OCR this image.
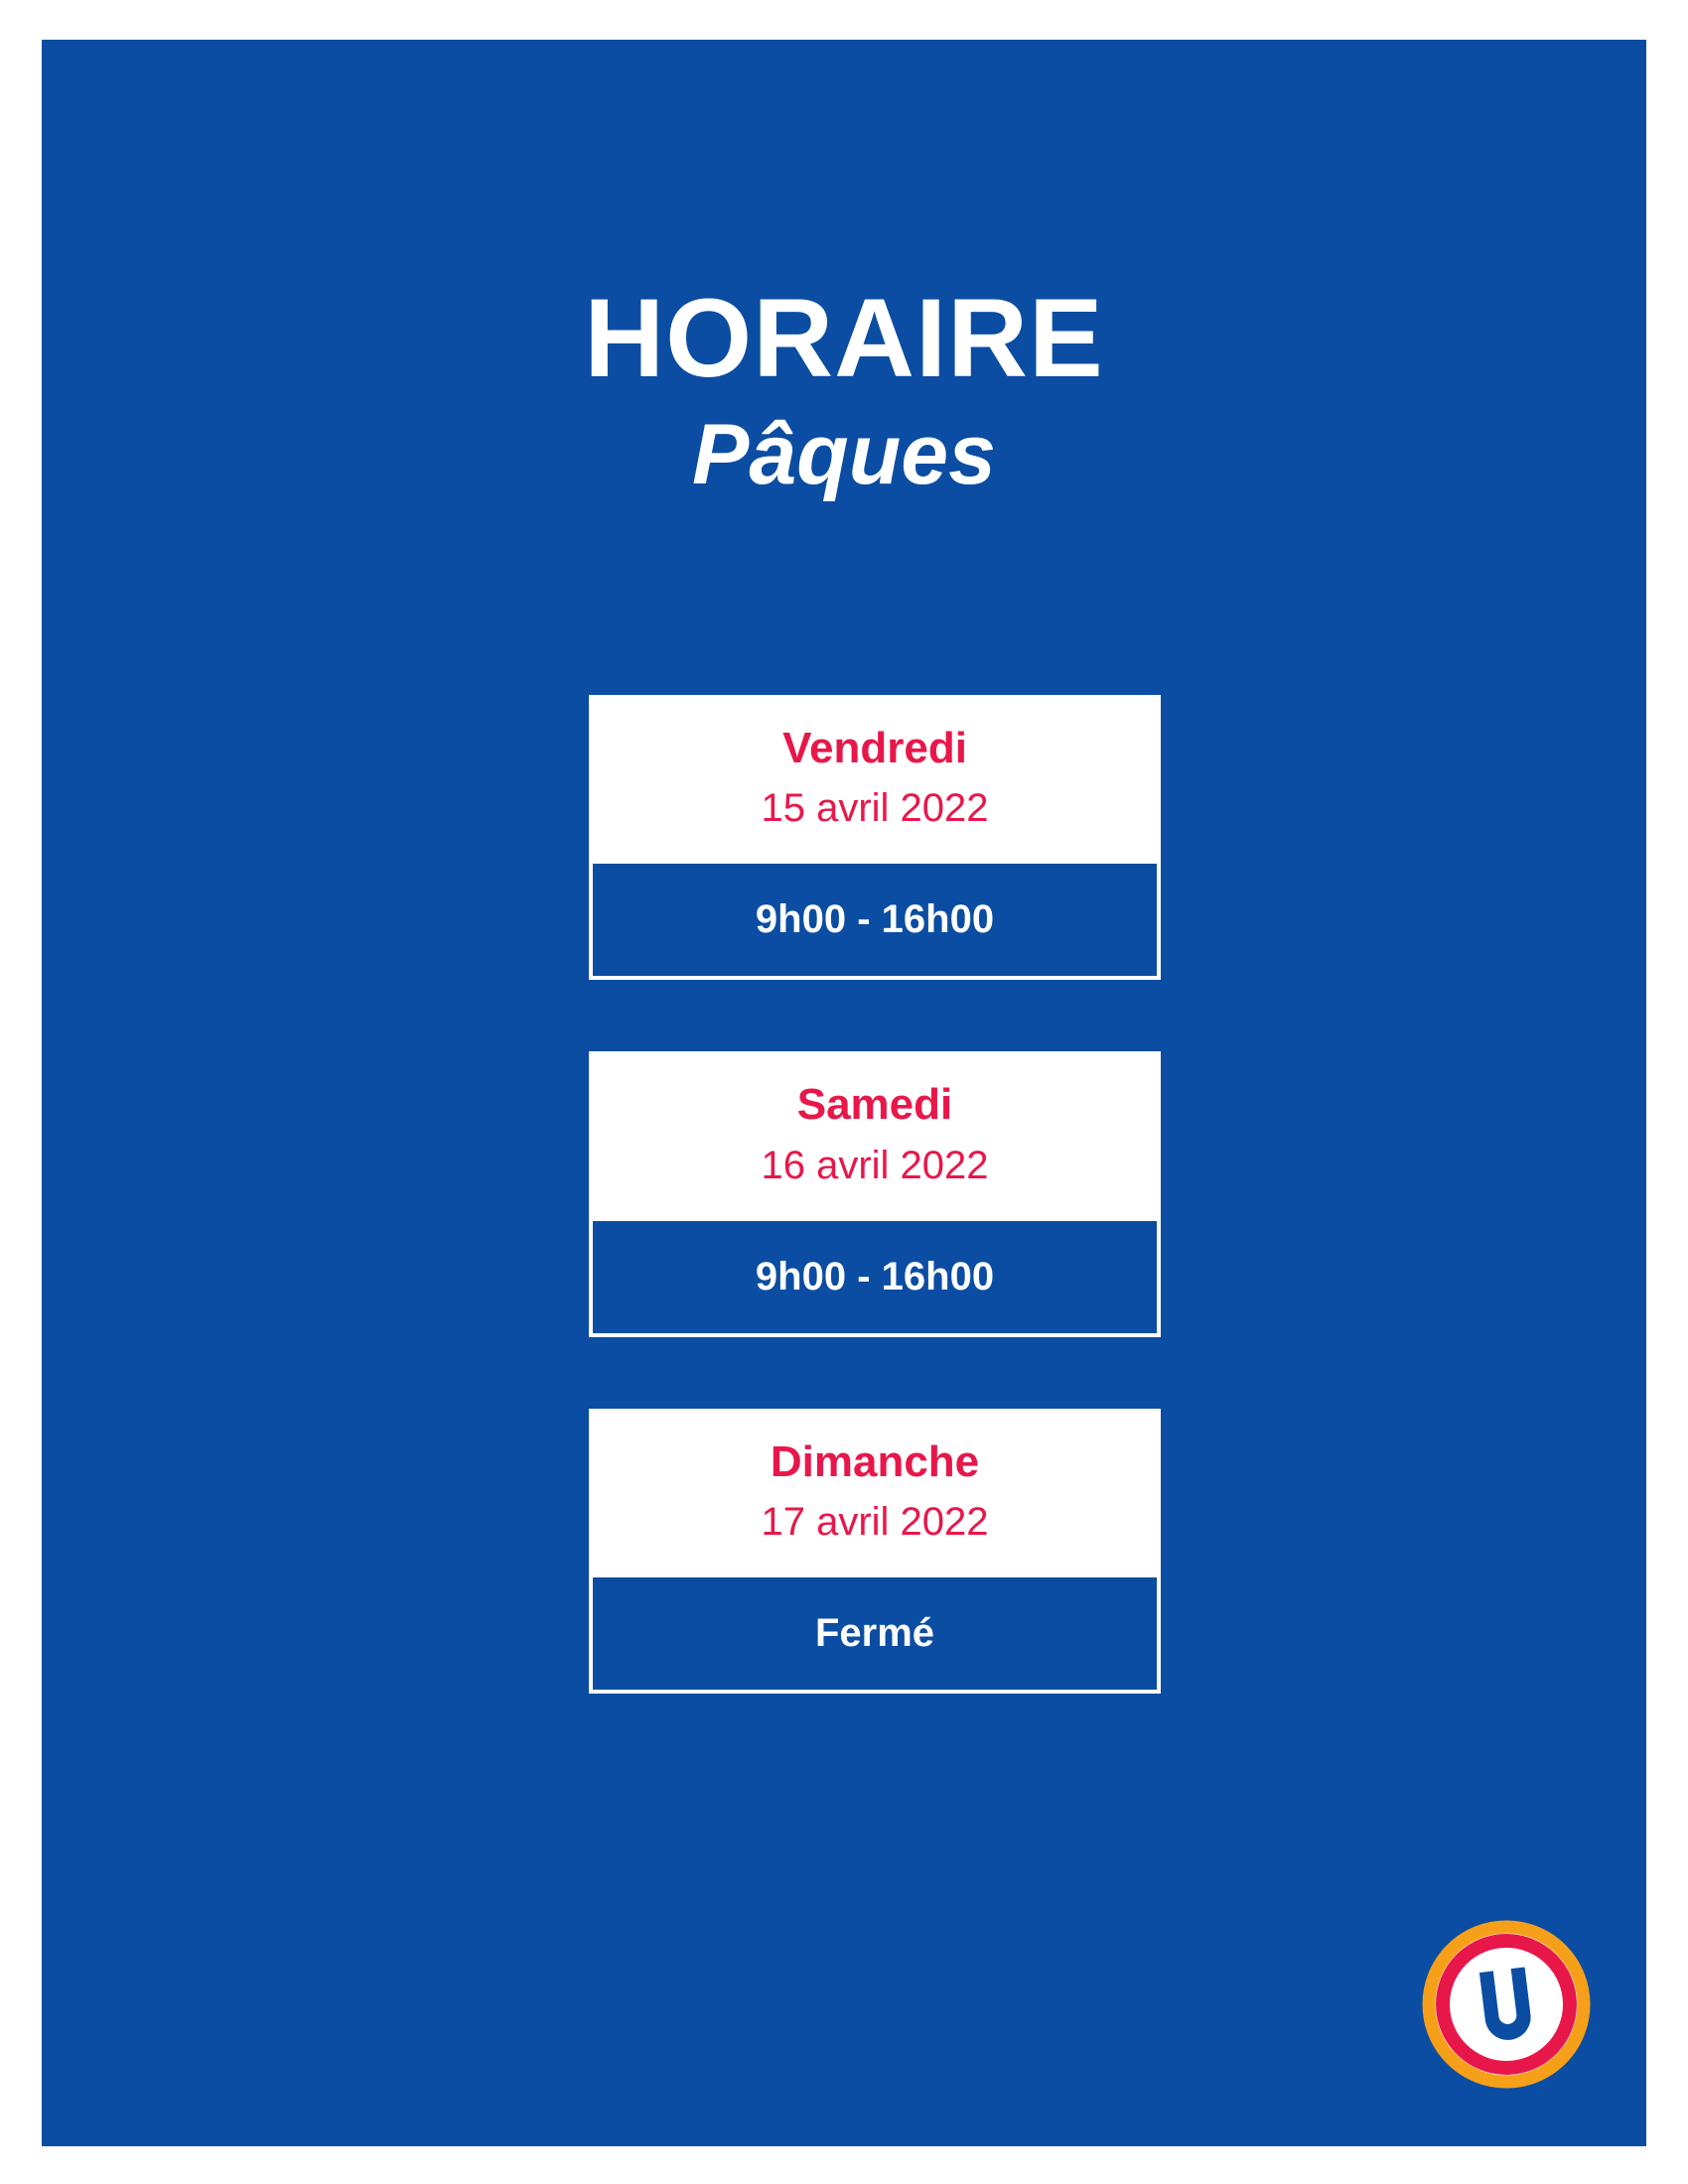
HORAIRE
Pâques
Vendredi
15 avril 2022
9h00 - 16h00
Samedi
16 avril 2022
9h00 - 16h00
Dimanche
17 avril 2022
Fermé
